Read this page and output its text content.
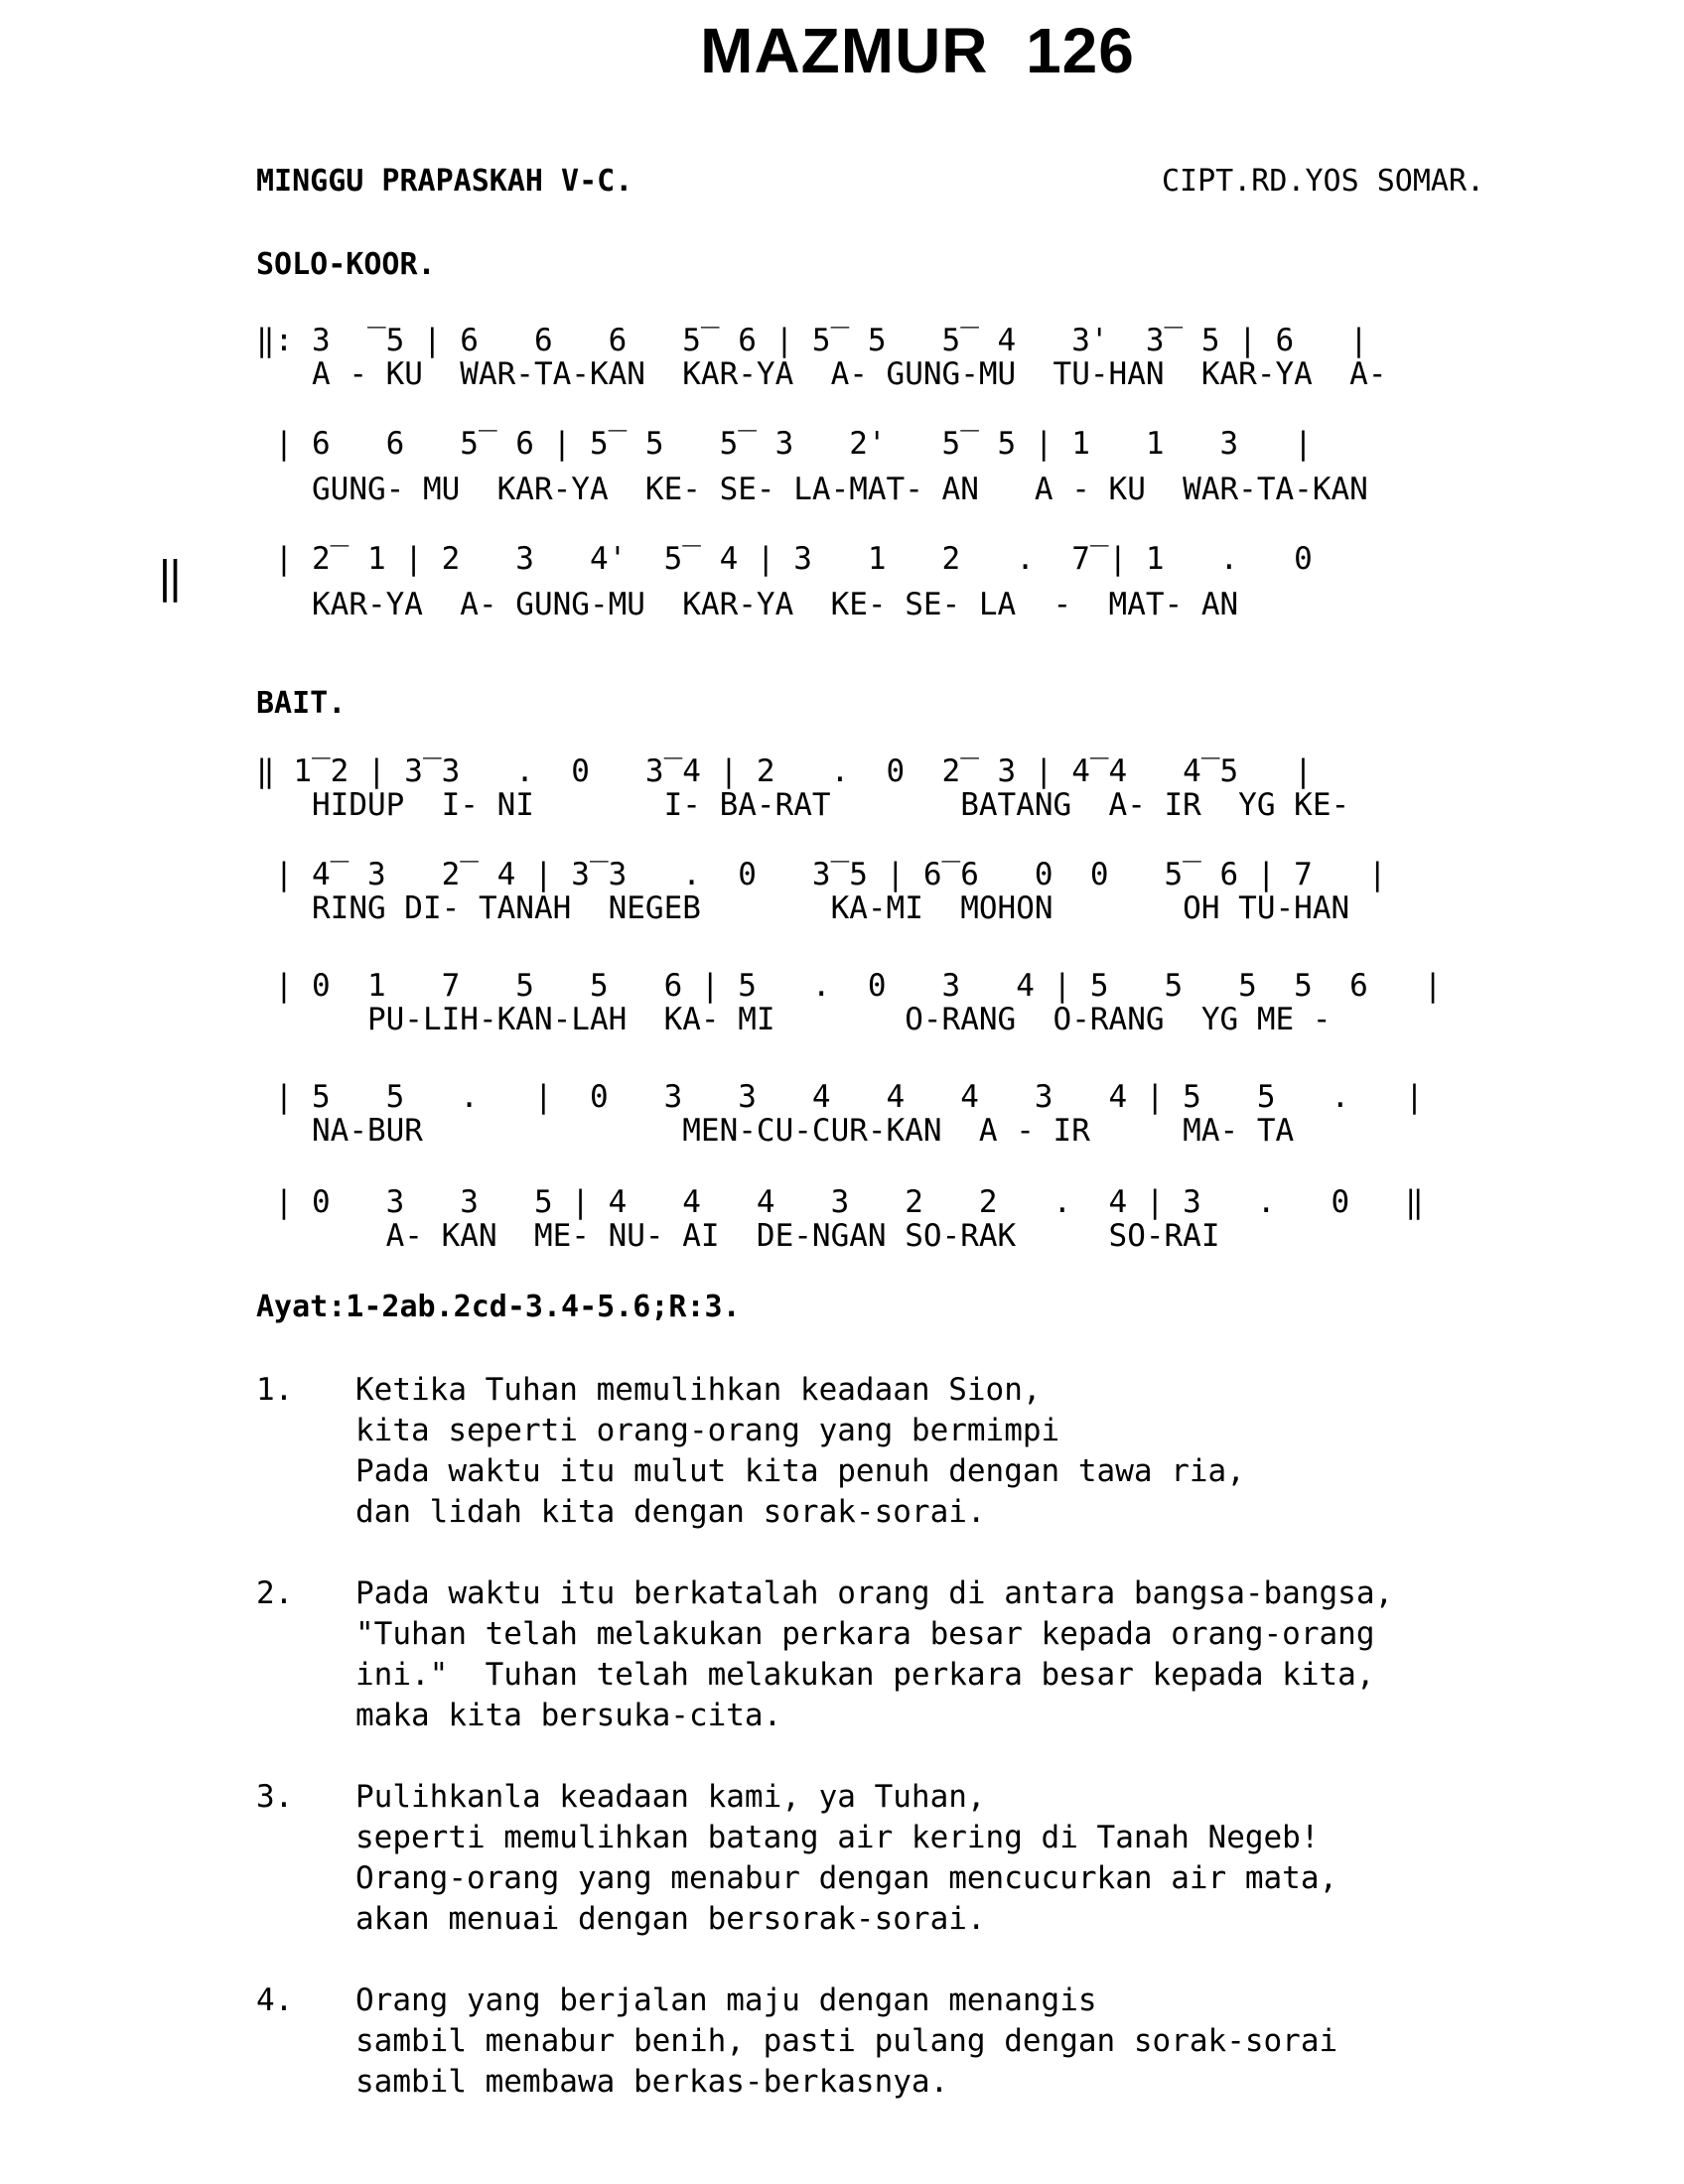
MAZMUR  126

MINGGU PRAPASKAH V-C.	CIPT.RD.YOS SOMAR.

SOLO-KOOR.

‖

‖: 3  ̅ 5 | 6   6   6   5̅  6 | 5̅  5   5̅  4   3'  3̅  5 | 6   |

A - KU  WAR-TA-KAN  KAR-YA  A- GUNG-MU  TU-HAN  KAR-YA  A-

| 6   6   5̅  6 | 5̅  5   5̅  3   2'   5̅  5 | 1   1   3   |

GUNG- MU  KAR-YA  KE- SE- LA-MAT- AN   A - KU  WAR-TA-KAN

| 2̅  1 | 2   3   4'  5̅  4 | 3   1   2   .  7̅ | 1   .   0

KAR-YA  A- GUNG-MU  KAR-YA  KE- SE- LA  -  MAT- AN

BAIT.

‖ 1̅ 2 | 3̅ 3   .  0   3̅ 4 | 2   .  0  2̅  3 | 4̅ 4   4̅ 5   |

HIDUP  I- NI       I- BA-RAT       BATANG  A- IR  YG KE-

| 4̅  3   2̅  4 | 3̅ 3   .  0   3̅ 5 | 6̅ 6   0  0   5̅  6 | 7   |

RING DI- TANAH  NEGEB       KA-MI  MOHON       OH TU-HAN

| 0  1   7   5   5   6 | 5   .  0   3   4 | 5   5   5  5  6   |

PU-LIH-KAN-LAH  KA- MI       O-RANG  O-RANG  YG ME -

| 5   5   .   |  0   3   3   4   4   4   3   4 | 5   5   .   |

NA-BUR              MEN-CU-CUR-KAN  A - IR     MA- TA

| 0   3   3   5 | 4   4   4   3   2   2   .  4 | 3   .   0   ‖

A- KAN  ME- NU- AI  DE-NGAN SO-RAK     SO-RAI

Ayat:1-2ab.2cd-3.4-5.6;R:3.

1.	Ketika Tuhan memulihkan keadaan Sion,

kita seperti orang-orang yang bermimpi

Pada waktu itu mulut kita penuh dengan tawa ria,

dan lidah kita dengan sorak-sorai.

2.	Pada waktu itu berkatalah orang di antara bangsa-bangsa,

"Tuhan telah melakukan perkara besar kepada orang-orang

ini."  Tuhan telah melakukan perkara besar kepada kita,

maka kita bersuka-cita.

3.	Pulihkanla keadaan kami, ya Tuhan,

seperti memulihkan batang air kering di Tanah Negeb!

Orang-orang yang menabur dengan mencucurkan air mata,

akan menuai dengan bersorak-sorai.

4.	Orang yang berjalan maju dengan menangis

sambil menabur benih, pasti pulang dengan sorak-sorai

sambil membawa berkas-berkasnya.
